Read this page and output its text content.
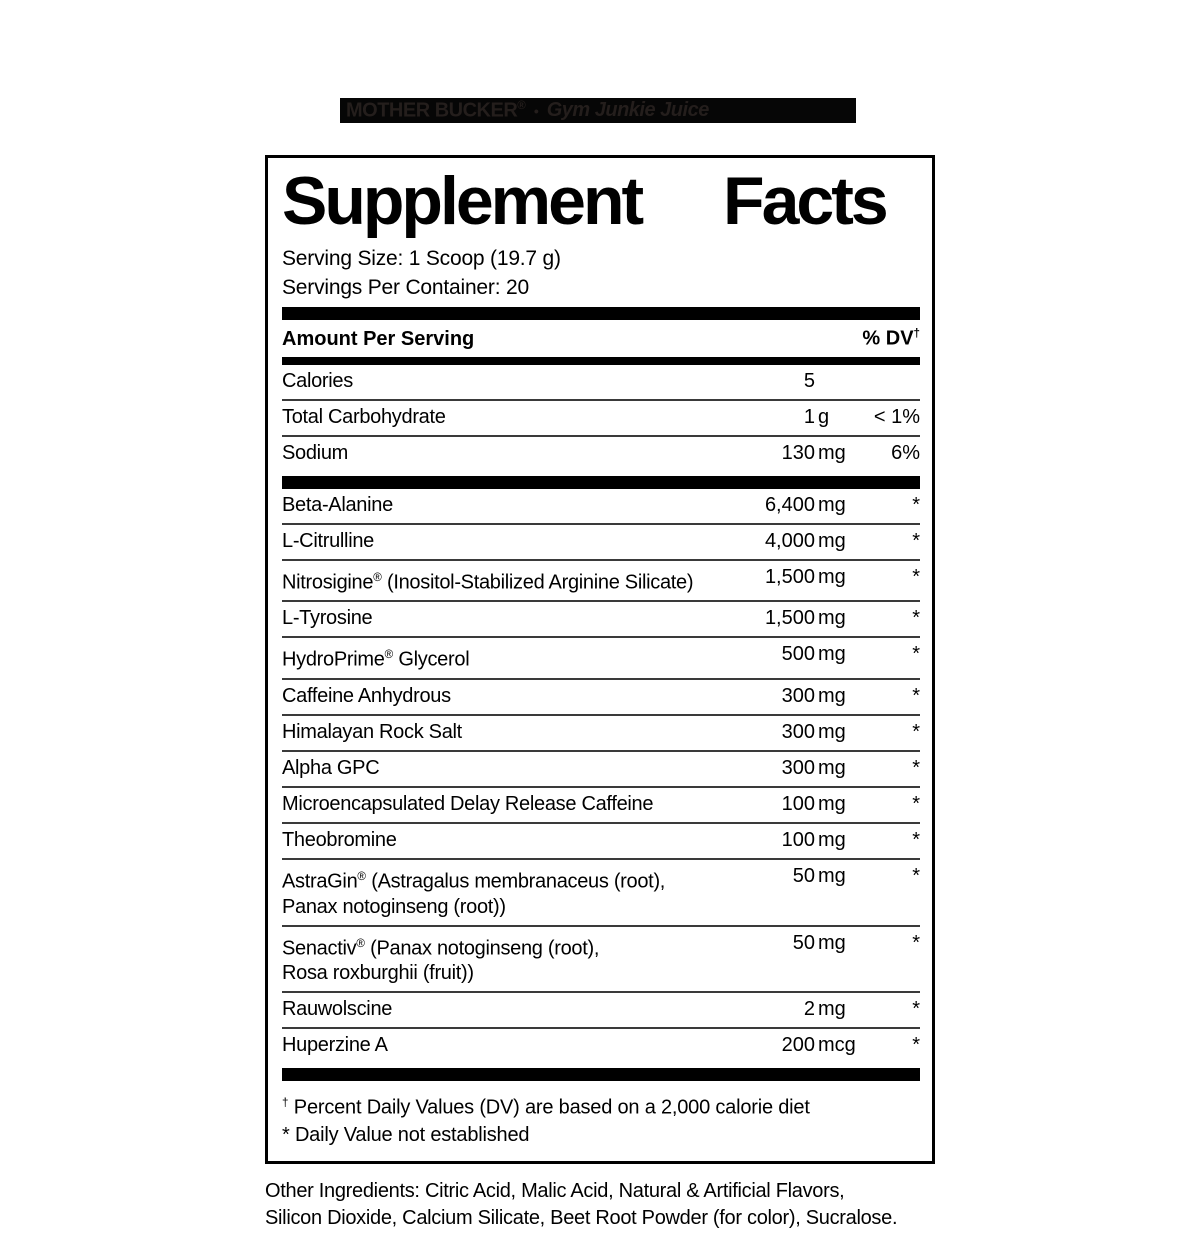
MOTHER BUCKER® • Gym Junkie Juice
Supplement Facts
Serving Size: 1 Scoop (19.7 g)
Servings Per Container: 20
Amount Per Serving	% DV†
Calories	5
Total Carbohydrate	1 g	< 1%
Sodium	130 mg	6%
Beta-Alanine	6,400 mg	*
L-Citrulline	4,000 mg	*
Nitrosigine® (Inositol-Stabilized Arginine Silicate)	1,500 mg	*
L-Tyrosine	1,500 mg	*
HydroPrime® Glycerol	500 mg	*
Caffeine Anhydrous	300 mg	*
Himalayan Rock Salt	300 mg	*
Alpha GPC	300 mg	*
Microencapsulated Delay Release Caffeine	100 mg	*
Theobromine	100 mg	*
AstraGin® (Astragalus membranaceus (root),
Panax notoginseng (root))
50 mg	*
Senactiv® (Panax notoginseng (root),
Rosa roxburghii (fruit))
50 mg	*
Rauwolscine	2 mg	*
Huperzine A	200 mcg	*
† Percent Daily Values (DV) are based on a 2,000 calorie diet
* Daily Value not established
Other Ingredients: Citric Acid, Malic Acid, Natural & Artificial Flavors,
Silicon Dioxide, Calcium Silicate, Beet Root Powder (for color), Sucralose.
